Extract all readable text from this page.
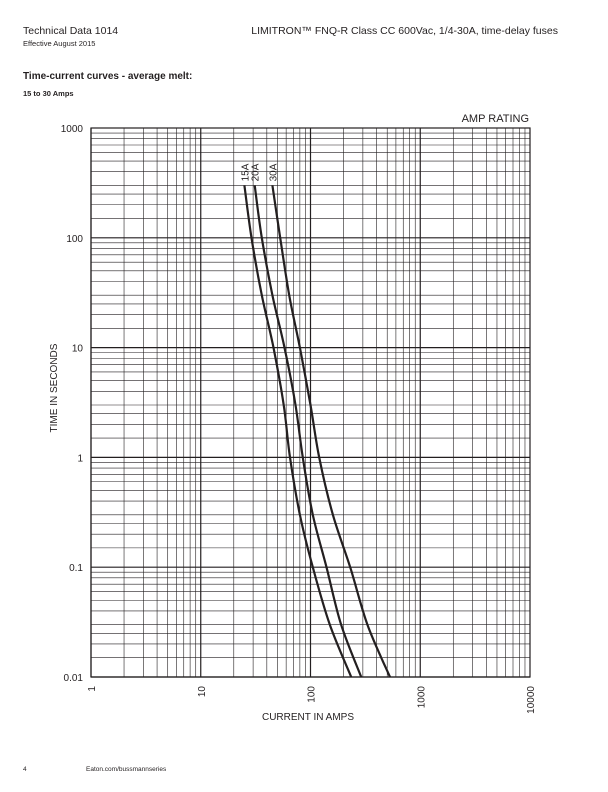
Technical Data 1014
Effective August 2015
LIMITRON™ FNQ-R Class CC 600Vac, 1/4-30A, time-delay fuses
Time-current curves - average melt:
15 to 30 Amps
15A 20A 30A
1000
100
10
1
0.1
0.01
1	10	100	1000	10000
AMP RATING
CURRENT IN AMPS
TIME IN SECONDS
4	Eaton.com/bussmannseries
